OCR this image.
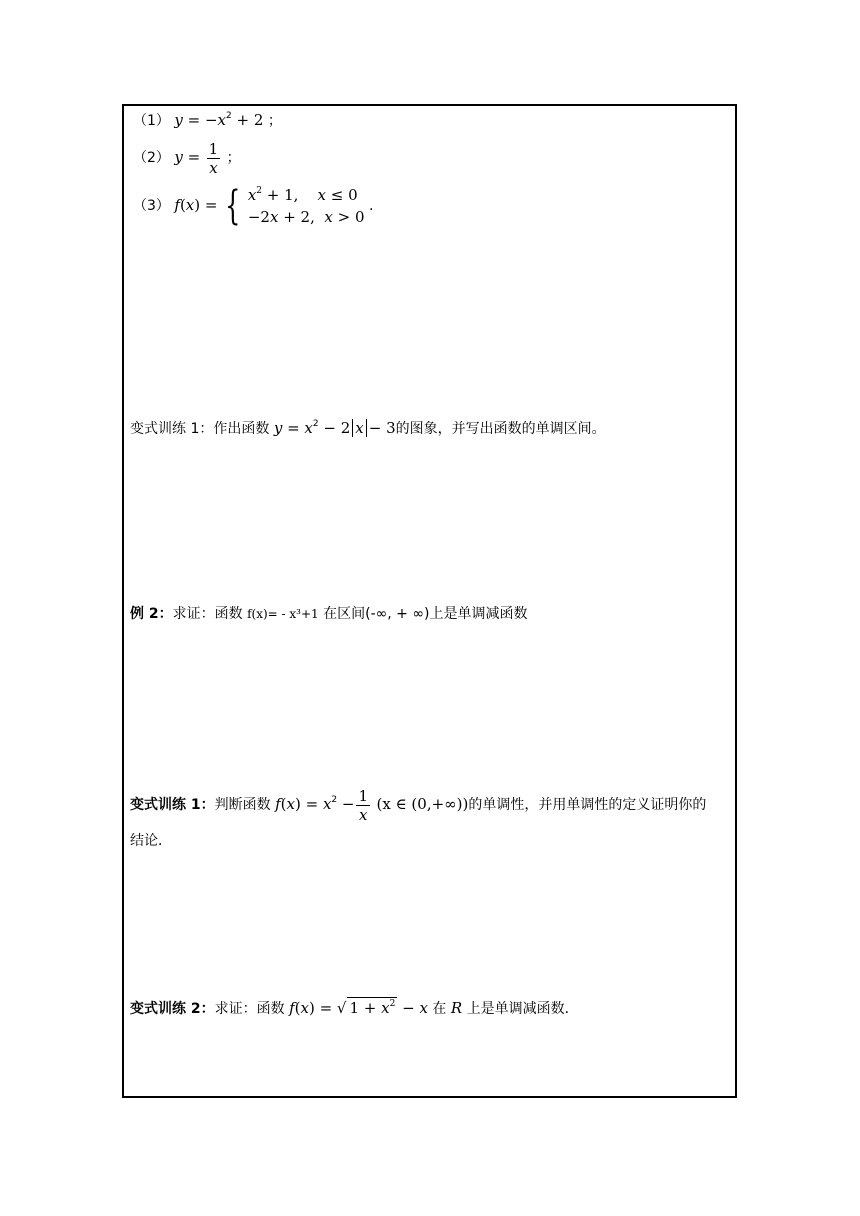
（1） $y = -x^2 + 2$ ；
（2） $y = \frac{1}{x}$ ；
（3） f(x) = { $x^2 + 1$,    x ≤ 0
−2x + 2,  x > 0
.
变式训练 1：作出函数 $y = x^2 - 2$ x − 3的图象，并写出函数的单调区间。
例 2：求证：函数 f(x)= - x³+1 在区间(‐∞, + ∞)上是单调减函数
变式训练 1：判断函数 $f(x) = x^2 - \frac{1}{x} (x$ ∈ (0,+∞))的单调性，并用单调性的定义证明你的
结论．
变式训练 2：求证：函数 f(x) = √ $1 + x^2 - x$ 在 R 上是单调减函数．
